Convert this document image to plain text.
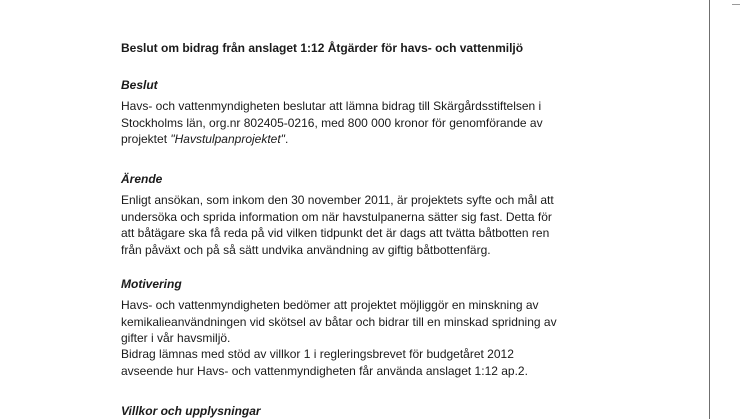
Beslut om bidrag från anslaget 1:12 Åtgärder för havs- och vattenmiljö
Beslut

Havs- och vattenmyndigheten beslutar att lämna bidrag till Skärgårdsstiftelsen i
Stockholms län, org.nr 802405-0216, med 800 000 kronor för genomförande av
projektet "Havstulpanprojektet".

Ärende

Enligt ansökan, som inkom den 30 november 2011, är projektets syfte och mål att
undersöka och sprida information om när havstulpanerna sätter sig fast. Detta för
att båtägare ska få reda på vid vilken tidpunkt det är dags att tvätta båtbotten ren
från påväxt och på så sätt undvika användning av giftig båtbottenfärg.

Motivering

Havs- och vattenmyndigheten bedömer att projektet möjliggör en minskning av
kemikalieanvändningen vid skötsel av båtar och bidrar till en minskad spridning av
gifter i vår havsmiljö.

Bidrag lämnas med stöd av villkor 1 i regleringsbrevet för budgetåret 2012
avseende hur Havs- och vattenmyndigheten får använda anslaget 1:12 ap.2.

Villkor och upplysningar
